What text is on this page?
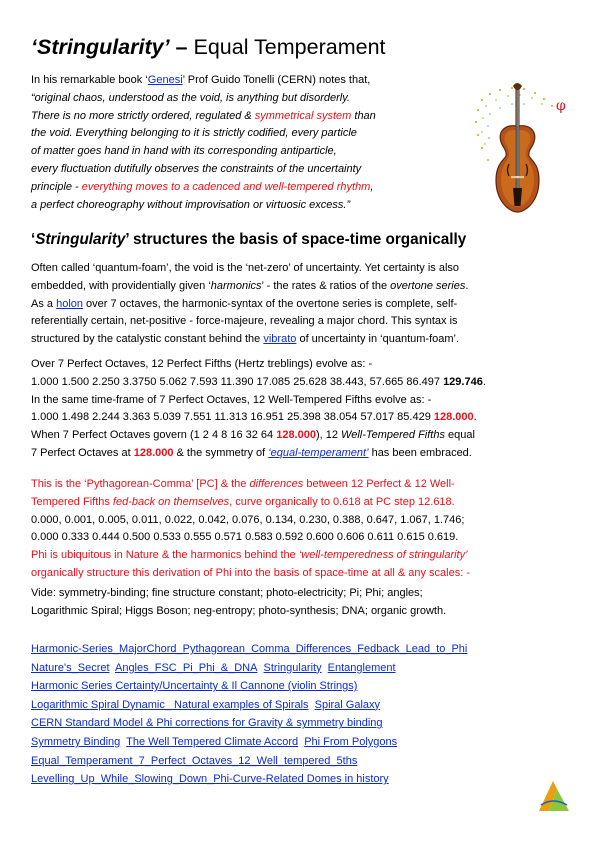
‘Stringularity’ – Equal Temperament

In his remarkable book ‘Genesi’ Prof Guido Tonelli (CERN) notes that,

“original chaos, understood as the void, is anything but disorderly.

There is no more strictly ordered, regulated & symmetrical system than

the void. Everything belonging to it is strictly codified, every particle

of matter goes hand in hand with its corresponding antiparticle,

every fluctuation dutifully observes the constraints of the uncertainty

principle - everything moves to a cadenced and well-tempered rhythm,

a perfect choreography without improvisation or virtuosic excess.”

φ
‘Stringularity’ structures the basis of space-time organically

Often called ‘quantum-foam’, the void is the ‘net-zero’ of uncertainty. Yet certainty is also

embedded, with providentially given ‘harmonics’ - the rates & ratios of the overtone series.

As a holon over 7 octaves, the harmonic-syntax of the overtone series is complete, self-

referentially certain, net-positive - force-majeure, revealing a major chord. This syntax is

structured by the catalystic constant behind the vibrato of uncertainty in ‘quantum-foam’.

Over 7 Perfect Octaves, 12 Perfect Fifths (Hertz treblings) evolve as: -

1.000 1.500 2.250 3.3750 5.062 7.593 11.390 17.085 25.628 38.443, 57.665 86.497 129.746.

In the same time-frame of 7 Perfect Octaves, 12 Well-Tempered Fifths evolve as: -

1.000 1.498 2.244 3.363 5.039 7.551 11.313 16.951 25.398 38.054 57.017 85.429 128.000.

When 7 Perfect Octaves govern (1 2 4 8 16 32 64 128.000), 12 Well-Tempered Fifths equal

7 Perfect Octaves at 128.000 & the symmetry of ‘equal-temperament’ has been embraced.

This is the ‘Pythagorean-Comma’ [PC] & the differences between 12 Perfect & 12 Well-

Tempered Fifths fed-back on themselves, curve organically to 0.618 at PC step 12.618.

0.000, 0.001, 0.005, 0.011, 0.022, 0.042, 0.076, 0.134, 0.230, 0.388, 0.647, 1.067, 1.746;

0.000 0.333 0.444 0.500 0.533 0.555 0.571 0.583 0.592 0.600 0.606 0.611 0.615 0.619.

Phi is ubiquitous in Nature & the harmonics behind the ‘well-temperedness of stringularity’

organically structure this derivation of Phi into the basis of space-time at all & any scales: -

Vide: symmetry-binding; fine structure constant; photo-electricity; Pi; Phi; angles;

Logarithmic Spiral; Higgs Boson; neg-entropy; photo-synthesis; DNA; organic growth.

Harmonic-Series_MajorChord_Pythagorean_Comma_Differences_Fedback_Lead_to_Phi

Nature's_Secret Angles_FSC_Pi_Phi_&_DNA Stringularity Entanglement

Harmonic Series Certainty/Uncertainty & Il Cannone (violin Strings)

Logarithmic Spiral Dynamic_ Natural examples of Spirals Spiral Galaxy

CERN Standard Model & Phi corrections for Gravity & symmetry binding

Symmetry Binding The Well Tempered Climate Accord Phi From Polygons

Equal_Temperament_7_Perfect_Octaves_12_Well_tempered_5ths

Levelling_Up_While_Slowing_Down_Phi-Curve-Related Domes in history
